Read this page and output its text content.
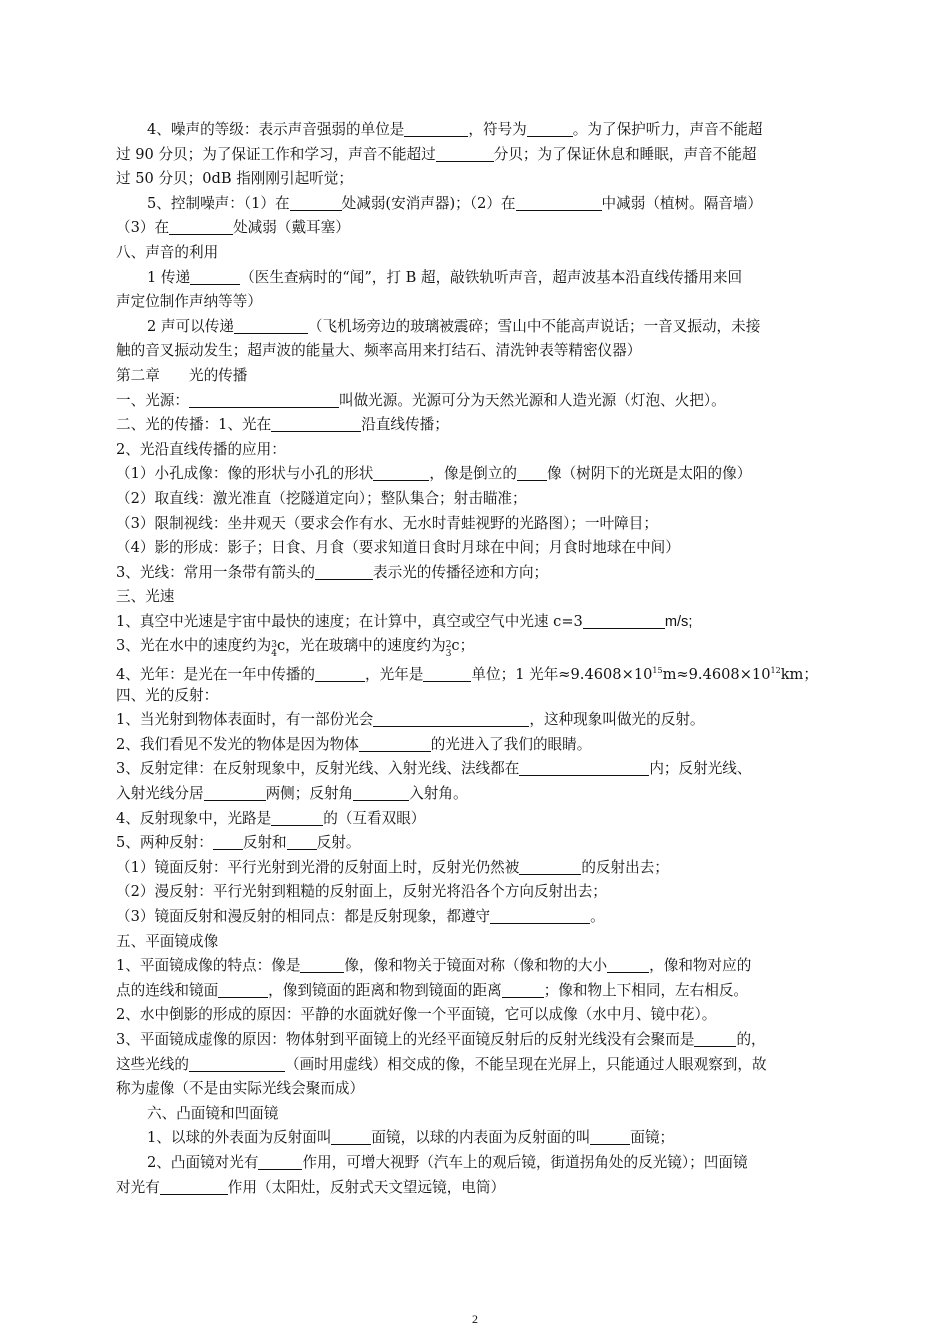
4、噪声的等级：表示声音强弱的单位是	，符号为	。为了保护听力，声音不能超
过 90 分贝；为了保证工作和学习，声音不能超过	分贝；为了保证休息和睡眠，声音不能超
过 50 分贝；0dB 指刚刚引起听觉；
5、控制噪声：（1）在	处减弱(安消声器)；（2）在	中减弱（植树。隔音墙）
（3）在	处减弱（戴耳塞）
八、声音的利用
1 传递	（医生查病时的“闻”，打 B 超，敲铁轨听声音，超声波基本沿直线传播用来回
声定位制作声纳等等）
2 声可以传递	（飞机场旁边的玻璃被震碎；雪山中不能高声说话；一音叉振动，未接
触的音叉振动发生；超声波的能量大、频率高用来打结石、清洗钟表等精密仪器）
第二章　　光的传播
一、光源：	叫做光源。光源可分为天然光源和人造光源（灯泡、火把）。
二、光的传播：1、光在	沿直线传播；
2、光沿直线传播的应用：
（1）小孔成像：像的形状与小孔的形状	，像是倒立的 像（树阴下的光斑是太阳的像）
（2）取直线：激光准直（挖隧道定向）；整队集合；射击瞄准；
（3）限制视线：坐井观天（要求会作有水、无水时青蛙视野的光路图）；一叶障目；
（4）影的形成：影子；日食、月食（要求知道日食时月球在中间；月食时地球在中间）
3、光线：常用一条带有箭头的	表示光的传播径迹和方向；
三、光速
1、真空中光速是宇宙中最快的速度；在计算中，真空或空气中光速 c=3	m/s;
3、光在水中的速度约为3
4c，光在玻璃中的速度约为2
3c；
4、光年：是光在一年中传播的	，光年是	单位；1 光年$\approx 9.4608\times 10^{15}m\approx 9.4608\times 10^{12}km$；
四、光的反射：
1、当光射到物体表面时，有一部份光会	，这种现象叫做光的反射。
2、我们看见不发光的物体是因为物体	的光进入了我们的眼睛。
3、反射定律：在反射现象中，反射光线、入射光线、法线都在	内；反射光线、
入射光线分居	两侧；反射角	入射角。
4、反射现象中，光路是	的（互看双眼）
5、两种反射： 反射和 反射。
（1）镜面反射：平行光射到光滑的反射面上时，反射光仍然被	的反射出去；
（2）漫反射：平行光射到粗糙的反射面上，反射光将沿各个方向反射出去；
（3）镜面反射和漫反射的相同点：都是反射现象，都遵守	。
五、平面镜成像
1、平面镜成像的特点：像是	像，像和物关于镜面对称（像和物的大小	，像和物对应的
点的连线和镜面	，像到镜面的距离和物到镜面的距离	；像和物上下相同，左右相反。
2、水中倒影的形成的原因：平静的水面就好像一个平面镜，它可以成像（水中月、镜中花）。
3、平面镜成虚像的原因：物体射到平面镜上的光经平面镜反射后的反射光线没有会聚而是	的，
这些光线的	（画时用虚线）相交成的像，不能呈现在光屏上，只能通过人眼观察到，故
称为虚像（不是由实际光线会聚而成）
六、凸面镜和凹面镜
1、以球的外表面为反射面叫	面镜，以球的内表面为反射面的叫	面镜；
2、凸面镜对光有	作用，可增大视野（汽车上的观后镜，街道拐角处的反光镜）；凹面镜
对光有	作用（太阳灶，反射式天文望远镜，电筒）
2
